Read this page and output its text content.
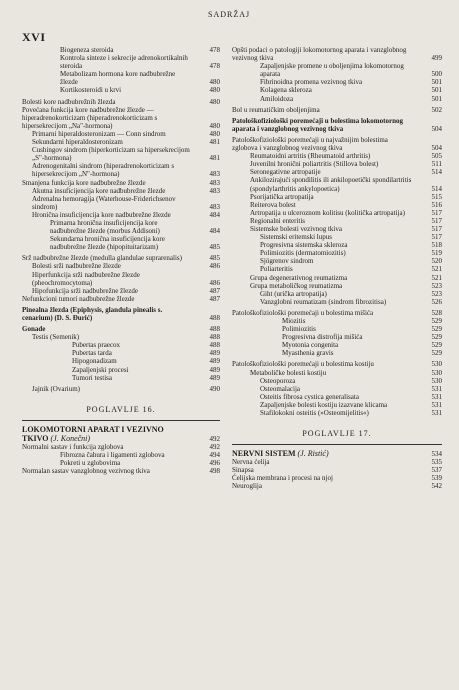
SADRŽAJ
XVI
Biogeneza steroida	478
Kontrola sinteze i sekrecije adrenokortikalnih steroida	478
Metabolizam hormona kore nadbubrežne žlezde	480
Kortikosteroidi u krvi	480
Bolesti kore nadbubrežnih žlezda	480
Povećana funkcija kore nadbubrežne žlezde — hiperadrenokorticizam (hiperadrenokorticizam s hipersekrecijom „Na"-hormona)	480
Primarni hiperaldosteronizam — Conn sindrom	480
Sekundarni hiperaldosteronizam	481
Cushingov sindrom (hiperkorticizam sa hipersekrecijom „S"-hormona)	481
Adrenogenitalni sindrom (hiperadrenokorticizam s hipersekrecijom „N"-hormona)	483
Smanjena funkcija kore nadbubrežne žlezde	483
Akutna insuficijencija kore nadbubrežne žlezde	483
Adrenalna hemoragija (Waterhouse-Friderichsenov sindrom)	483
Hronična insuficijencija kore nadbubrežne žlezde	484
Primarna hronična insuficijencija kore nadbubrežne žlezde (morbus Addisoni)	484
Sekundarna hronična insuficijencija kore nadbubrežne žlezde (hipopituitarizam)	485
Srž nadbubrežne žlezde (medulla glandulae suprarenalis)	485
Bolesti srži nadbubrežne žlezde	486
Hiperfunkcija srži nadbubrežne žlezde (pheochromocytoma)	486
Hipofunkcija srži nadbubrežne žlezde	487
Nefunkcioni tumori nadbubrežne žlezde	487
Pinealna žlezda (Epiphysis, glandula pinealis s. cenarium) (D. S. Đurić)	488
Gonade	488
Testis (Semenik)	488
Pubertas praecox	488
Pubertas tarda	489
Hipogonadizam	489
Zapaljenjski procesi	489
Tumori testisa	489
Jajnik (Ovarium)	490
POGLAVLJE 16.
LOKOMOTORNI APARAT I VEZIVNO TKIVO (J. Konečni)	492
Normalni sastav i funkcija zglobova	492
Fibrozna čahura i ligamenti zglobova	494
Pokreti u zglobovima	496
Normalan sastav vanzglobnog vezivnog tkiva	498
Opšti podaci o patologiji lokomotornog aparata i vanzglobnog vezivnog tkiva	499
Zapaljenjske promene u oboljenjima lokomotornog aparata	500
Fibrinoidna promena vezivnog tkiva	501
Kolagena skleroza	501
Amiloidoza	501
Bol u reumatičkim oboljenjima	502
Patološkofiziološki poremećaji u bolestima lokomotornog aparata i vanzglobnog vezivnog tkiva	504
Patološkofiziološki poremećaji u najvažnijim bolestima zglobova i vanzglobnog vezivnog tkiva	504
Reumatoidni artritis (Rheumatoid arthritis)	505
Juvenilni hronični poliartritis (Stillova bolest)	511
Seronegativne artropatije	514
Ankilozirajući spondilitis ili ankilopoetički spondilartritis (spondylarthritis ankylopoetica)	514
Psorijatička artropatija	515
Reiterova bolest	516
Artropatija u ulceroznom kolitisu (kolitička artropatija)	517
Regionalni enteritis	517
Sistemske bolesti vezivnog tkiva	517
Sistemski eritemski lupus	517
Progresivna sistemska skleroza	518
Polimiozitis (dermatomiozitis)	519
Sjögrenov sindrom	520
Poliarteritis	521
Grupa degenerativnog reumatizma	521
Grupa metaboličkog reumatizma	523
Giht (urička artropatija)	523
Vanzglobni reumatizam (sindrom fibrozitisa)	526
Patološkofiziološki poremećaji u bolestima mišića	528
Miozitis	529
Polimiozitis	529
Progresivna distrofija mišića	529
Myotonia congenita	529
Myasthenia gravis	529
Patološkofiziološki poremećaji u bolestima kostiju	530
Metaboličke bolesti kostiju	530
Osteoporoza	530
Osteomalacija	531
Osteitis fibrosa cystica generalisata	531
Zapaljenjske bolesti kostiju izazvane klicama	531
Stafilokokni osteitis (»Osteomijelitis«)	531
POGLAVLJE 17.
NERVNI SISTEM (J. Ristić)	534
Nervna ćelija	535
Sinapsa	537
Ćelijska membrana i procesi na njoj	539
Neuroglija	542
